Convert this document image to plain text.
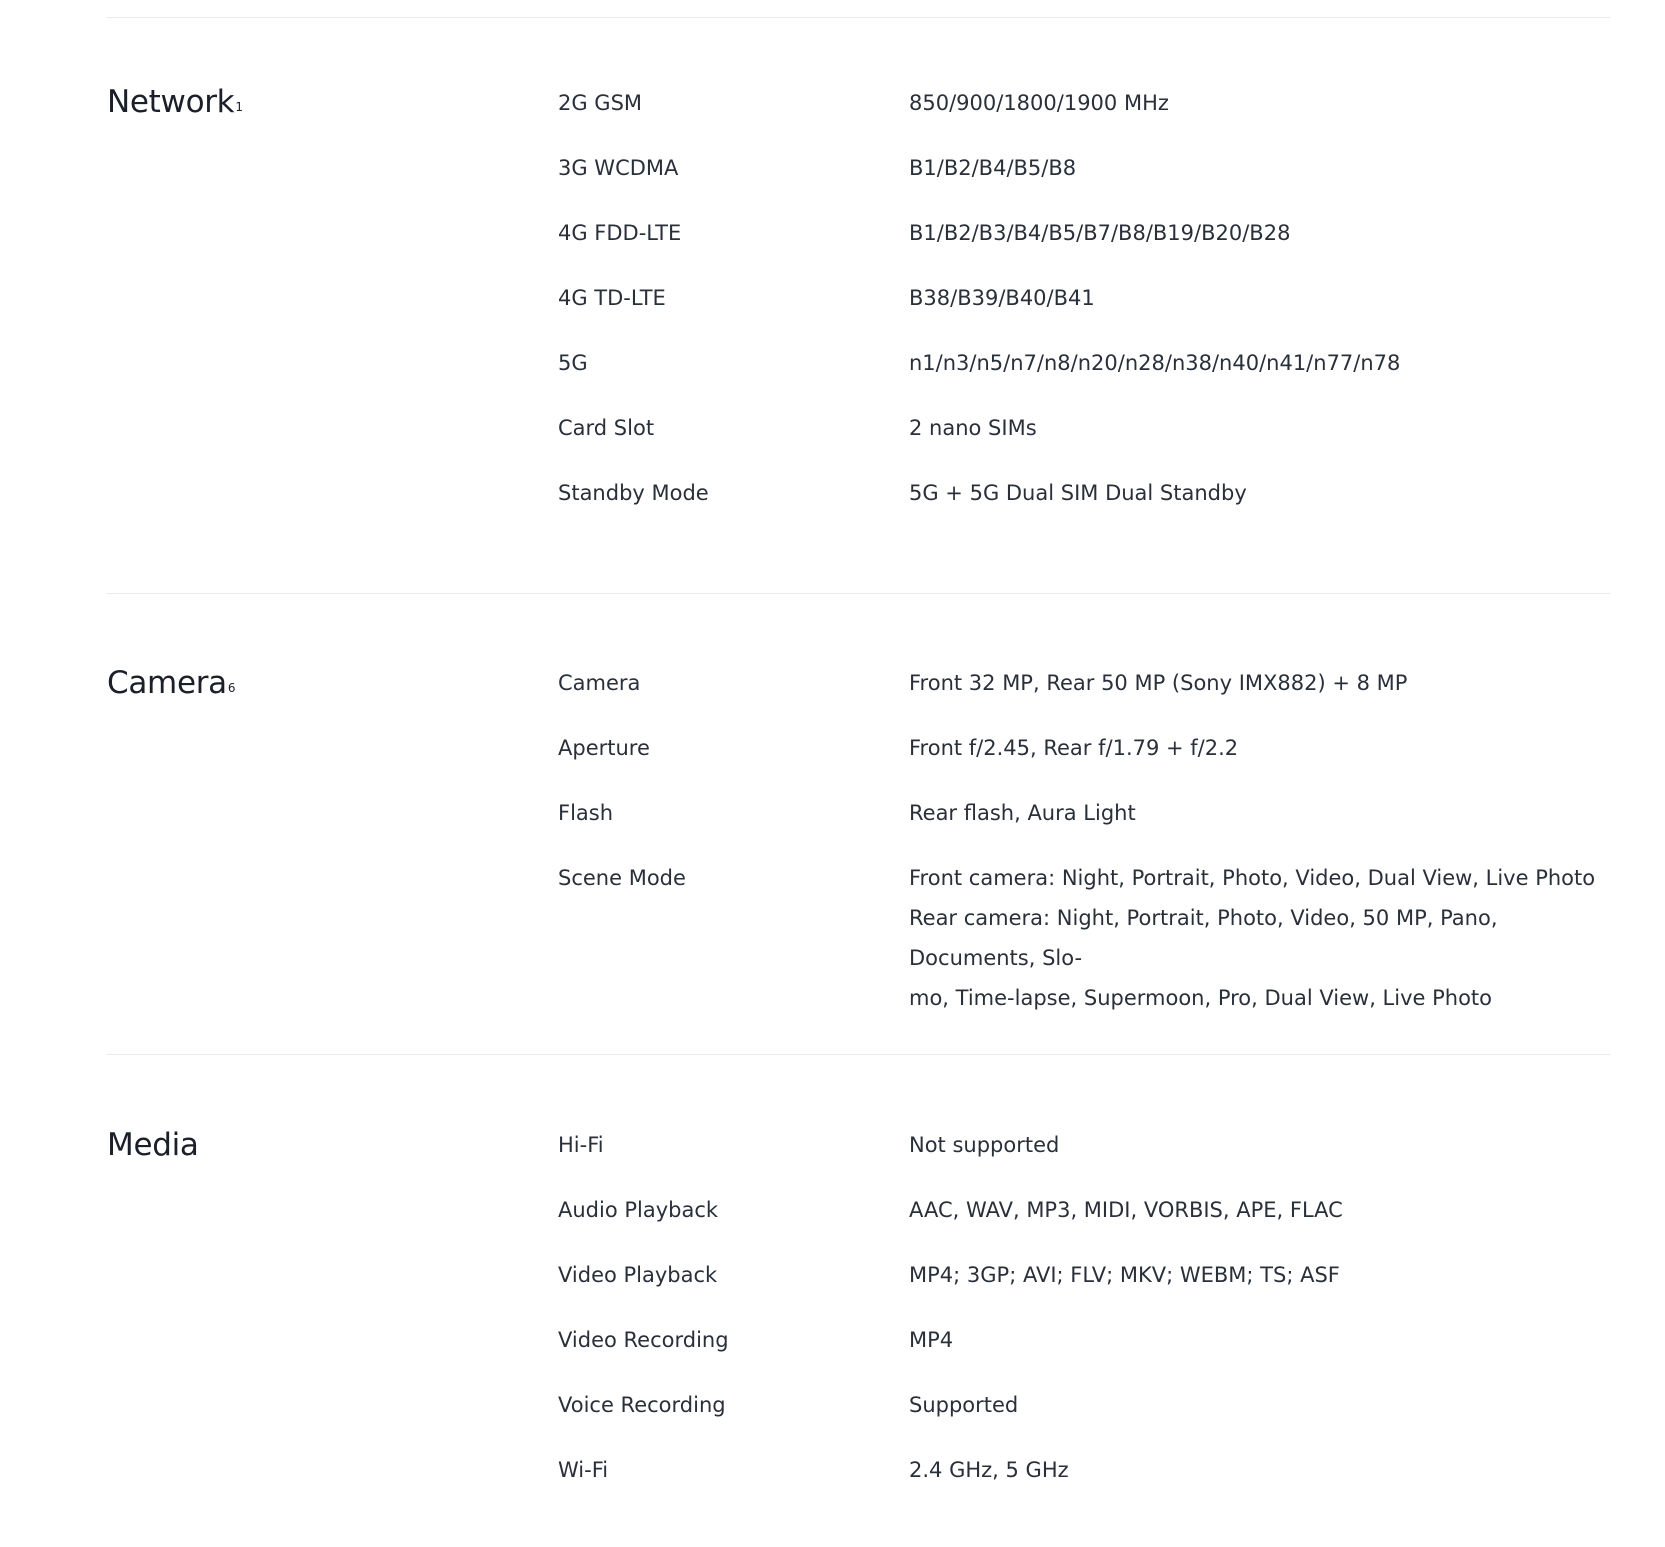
Network$^1$	2G GSM	850/900/1800/1900 MHz
3G WCDMA	B1/B2/B4/B5/B8
4G FDD-LTE	B1/B2/B3/B4/B5/B7/B8/B19/B20/B28
4G TD-LTE	B38/B39/B40/B41
5G	n1/n3/n5/n7/n8/n20/n28/n38/n40/n41/n77/n78
Card Slot	2 nano SIMs
Standby Mode	5G + 5G Dual SIM Dual Standby
Camera$^6$	Camera	Front 32 MP, Rear 50 MP (Sony IMX882) + 8 MP
Aperture	Front f/2.45, Rear f/1.79 + f/2.2
Flash	Rear flash, Aura Light
Scene Mode	Front camera: Night, Portrait, Photo, Video, Dual View, Live Photo
Rear camera: Night, Portrait, Photo, Video, 50 MP, Pano, Documents, Slo-
mo, Time-lapse, Supermoon, Pro, Dual View, Live Photo
Media	Hi-Fi	Not supported
Audio Playback	AAC, WAV, MP3, MIDI, VORBIS, APE, FLAC
Video Playback	MP4; 3GP; AVI; FLV; MKV; WEBM; TS; ASF
Video Recording	MP4
Voice Recording	Supported
Wi-Fi	2.4 GHz, 5 GHz
